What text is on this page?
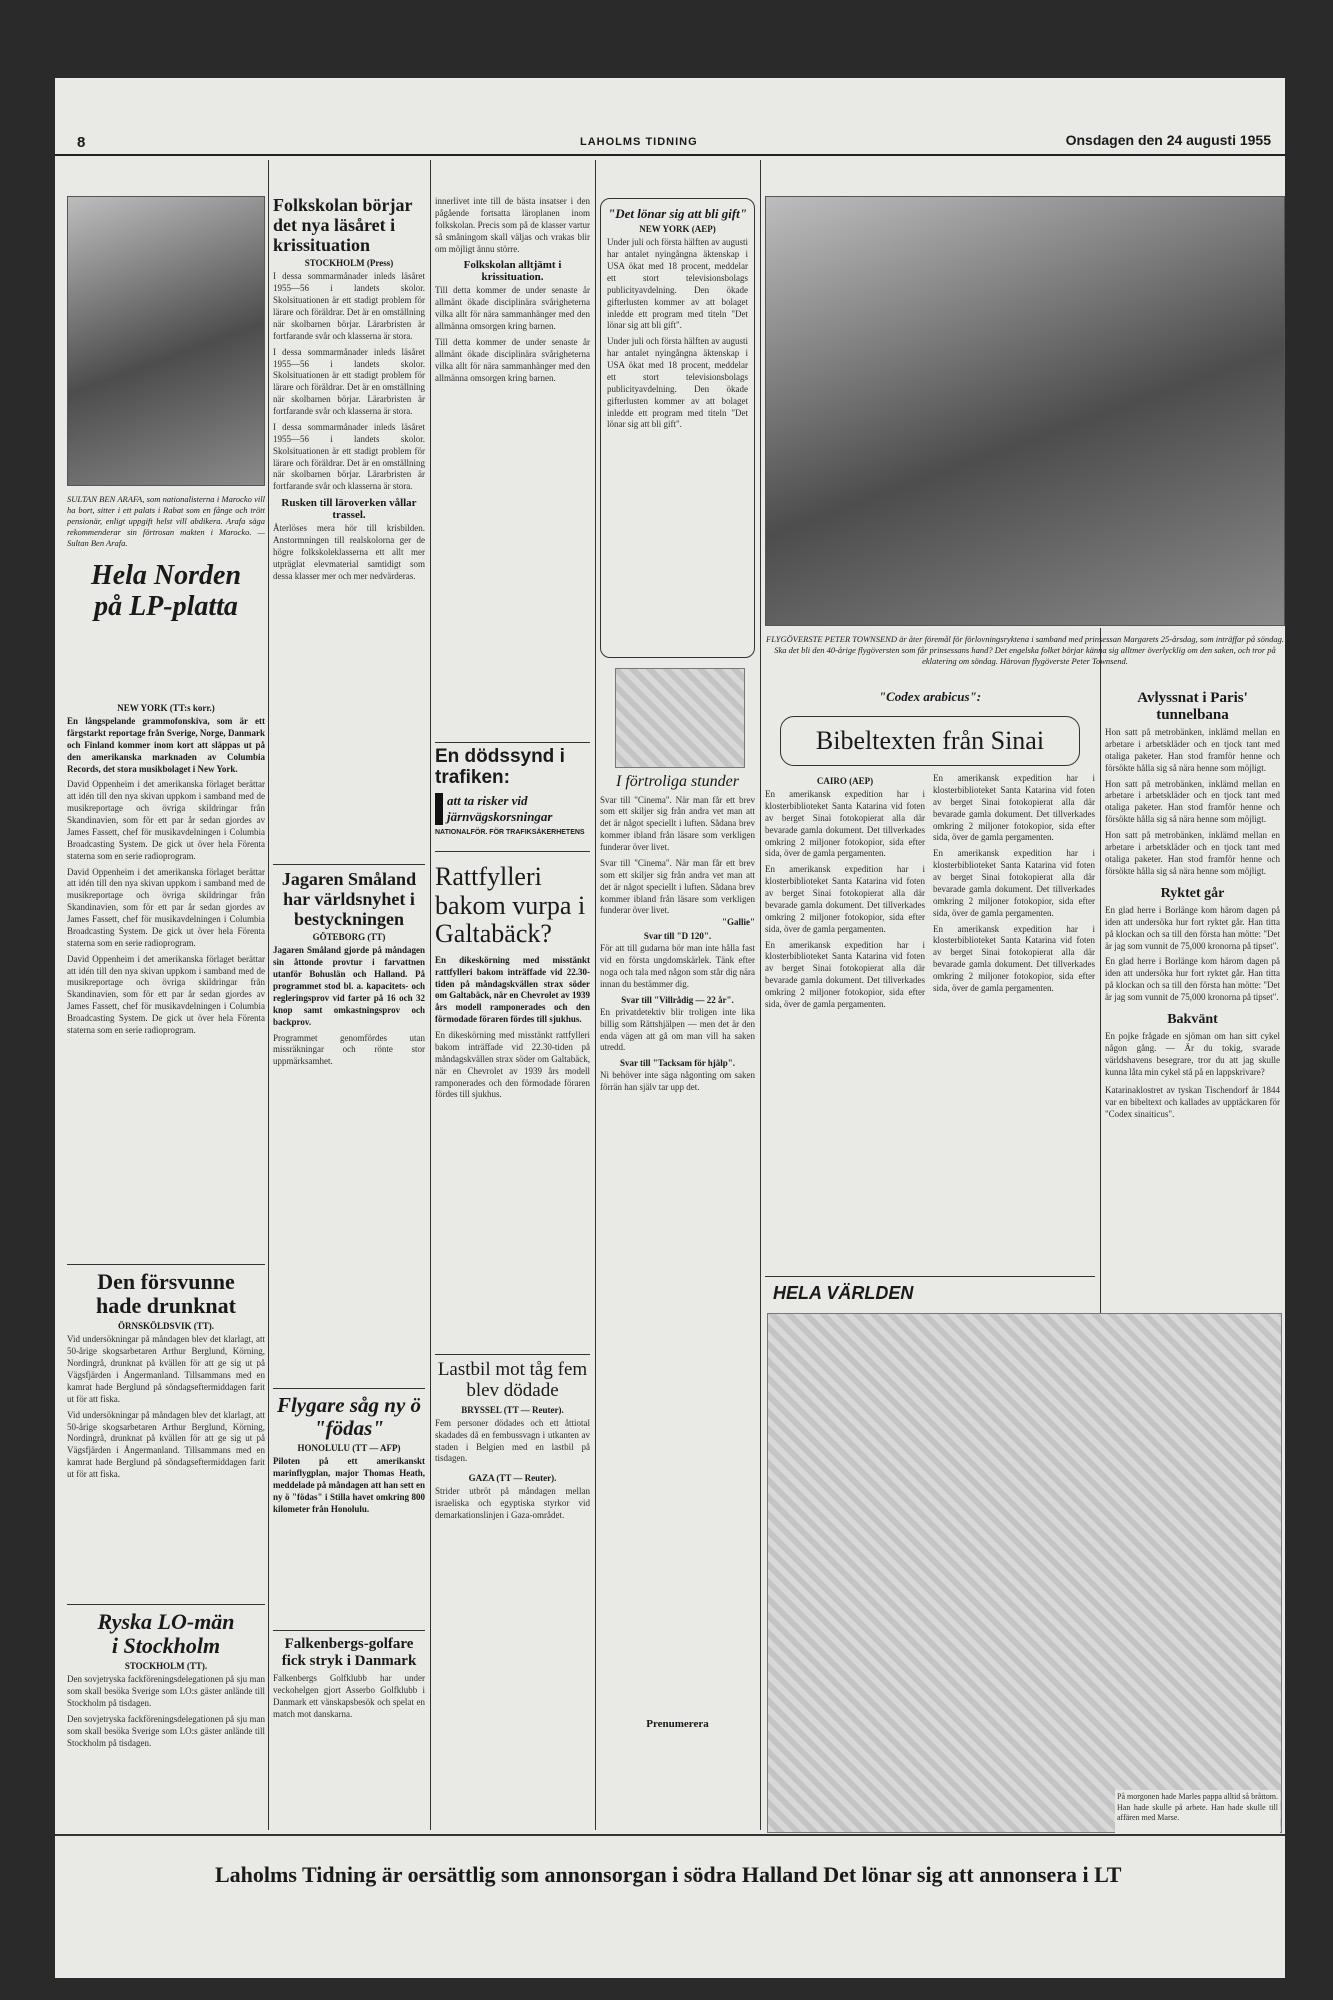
8	LAHOLMS TIDNING	Onsdagen den 24 augusti 1955
SULTAN BEN ARAFA, som nationalisterna i Marocko vill ha bort, sitter i ett palats i Rabat som en fånge och trött pensionär, enligt uppgift helst vill abdikera. Arafa säga rekommenderar sin förtrosan makten i Marocko. — Sultan Ben Arafa.
Hela Norden
på LP-platta
NEW YORK (TT:s korr.)

En långspelande grammofonskiva, som är ett färgstarkt reportage från Sverige, Norge, Danmark och Finland kommer inom kort att släppas ut på den amerikanska marknaden av Columbia Records, det stora musikbolaget i New York.

David Oppenheim i det amerikanska förlaget berättar att idén till den nya skivan uppkom i samband med de musikreportage och övriga skildringar från Skandinavien, som för ett par år sedan gjordes av James Fassett, chef för musikavdelningen i Columbia Broadcasting System. De gick ut över hela Förenta staterna som en serie radioprogram.

David Oppenheim i det amerikanska förlaget berättar att idén till den nya skivan uppkom i samband med de musikreportage och övriga skildringar från Skandinavien, som för ett par år sedan gjordes av James Fassett, chef för musikavdelningen i Columbia Broadcasting System. De gick ut över hela Förenta staterna som en serie radioprogram.

David Oppenheim i det amerikanska förlaget berättar att idén till den nya skivan uppkom i samband med de musikreportage och övriga skildringar från Skandinavien, som för ett par år sedan gjordes av James Fassett, chef för musikavdelningen i Columbia Broadcasting System. De gick ut över hela Förenta staterna som en serie radioprogram.

Den försvunne
hade drunknat
ÖRNSKÖLDSVIK (TT).

Vid undersökningar på måndagen blev det klarlagt, att 50-årige skogsarbetaren Arthur Berglund, Körning, Nordingrå, drunknat på kvällen för att ge sig ut på Vägsfjärden i Ångermanland. Tillsammans med en kamrat hade Berglund på söndagseftermiddagen farit ut för att fiska.

Vid undersökningar på måndagen blev det klarlagt, att 50-årige skogsarbetaren Arthur Berglund, Körning, Nordingrå, drunknat på kvällen för att ge sig ut på Vägsfjärden i Ångermanland. Tillsammans med en kamrat hade Berglund på söndagseftermiddagen farit ut för att fiska.

Ryska LO-män
i Stockholm
STOCKHOLM (TT).

Den sovjetryska fackföreningsdelegationen på sju man som skall besöka Sverige som LO:s gäster anlände till Stockholm på tisdagen.

Den sovjetryska fackföreningsdelegationen på sju man som skall besöka Sverige som LO:s gäster anlände till Stockholm på tisdagen.

Folkskolan börjar det nya läsåret i krissituation
STOCKHOLM (Press)

I dessa sommarmånader inleds läsåret 1955—56 i landets skolor. Skolsituationen är ett stadigt problem för lärare och föräldrar. Det är en omställning när skolbarnen börjar. Lärarbristen är fortfarande svår och klasserna är stora.

I dessa sommarmånader inleds läsåret 1955—56 i landets skolor. Skolsituationen är ett stadigt problem för lärare och föräldrar. Det är en omställning när skolbarnen börjar. Lärarbristen är fortfarande svår och klasserna är stora.

I dessa sommarmånader inleds läsåret 1955—56 i landets skolor. Skolsituationen är ett stadigt problem för lärare och föräldrar. Det är en omställning när skolbarnen börjar. Lärarbristen är fortfarande svår och klasserna är stora.

Rusken till läroverken vållar trassel.

Återlöses mera hör till krisbilden. Anstormningen till realskolorna ger de högre folkskoleklasserna ett allt mer utpräglat elevmaterial samtidigt som dessa klasser mer och mer nedvärderas.

Jagaren Småland har världsnyhet i bestyckningen
GÖTEBORG (TT)

Jagaren Småland gjorde på måndagen sin åttonde provtur i farvattnen utanför Bohuslän och Halland. På programmet stod bl. a. kapacitets- och regleringsprov vid farter på 16 och 32 knop samt omkastningsprov och backprov.

Programmet genomfördes utan missräkningar och rönte stor uppmärksamhet.

Flygare såg ny ö "födas"
HONOLULU (TT — AFP)

Piloten på ett amerikanskt marinflygplan, major Thomas Heath, meddelade på måndagen att han sett en ny ö "födas" i Stilla havet omkring 800 kilometer från Honolulu.

Falkenbergs-golfare fick stryk i Danmark

Falkenbergs Golfklubb har under veckohelgen gjort Asserbo Golfklubb i Danmark ett vänskapsbesök och spelat en match mot danskarna.

innerlivet inte till de bästa insatser i den pågående fortsatta läroplanen inom folkskolan. Precis som på de klasser vartur så småningom skall väljas och vrakas blir om möjligt ännu större.

Folkskolan alltjämt i krissituation.

Till detta kommer de under senaste år allmänt ökade disciplinära svårigheterna vilka allt för nära sammanhänger med den allmänna omsorgen kring barnen.

Till detta kommer de under senaste år allmänt ökade disciplinära svårigheterna vilka allt för nära sammanhänger med den allmänna omsorgen kring barnen.

En dödssynd i trafiken:
att ta risker vid järnvägskorsningar
NATIONALFÖR. FÖR TRAFIKSÄKERHETENS
Rattfylleri bakom vurpa i Galtabäck?

En dikeskörning med misstänkt rattfylleri bakom inträffade vid 22.30-tiden på måndagskvällen strax söder om Galtabäck, när en Chevrolet av 1939 års modell ramponerades och den förmodade föraren fördes till sjukhus.

En dikeskörning med misstänkt rattfylleri bakom inträffade vid 22.30-tiden på måndagskvällen strax söder om Galtabäck, när en Chevrolet av 1939 års modell ramponerades och den förmodade föraren fördes till sjukhus.

Lastbil mot tåg fem blev dödade
BRYSSEL (TT — Reuter).

Fem personer dödades och ett åttiotal skadades då en fembussvagn i utkanten av staden i Belgien med en lastbil på tisdagen.

GAZA (TT — Reuter).

Strider utbröt på måndagen mellan israeliska och egyptiska styrkor vid demarkationslinjen i Gaza-området.

"Det lönar sig att bli gift"
NEW YORK (AEP)

Under juli och första hälften av augusti har antalet nyingångna äktenskap i USA ökat med 18 procent, meddelar ett stort televisionsbolags publicityavdelning. Den ökade gifterlusten kommer av att bolaget inledde ett program med titeln "Det lönar sig att bli gift".

Under juli och första hälften av augusti har antalet nyingångna äktenskap i USA ökat med 18 procent, meddelar ett stort televisionsbolags publicityavdelning. Den ökade gifterlusten kommer av att bolaget inledde ett program med titeln "Det lönar sig att bli gift".

I förtroliga stunder

Svar till "Cinema". När man får ett brev som ett skiljer sig från andra vet man att det är något speciellt i luften. Sådana brev kommer ibland från läsare som verkligen funderar över livet.

Svar till "Cinema". När man får ett brev som ett skiljer sig från andra vet man att det är något speciellt i luften. Sådana brev kommer ibland från läsare som verkligen funderar över livet.

"Gallie"
Svar till "D 120".

För att till gudarna bör man inte hålla fast vid en första ungdomskärlek. Tänk efter noga och tala med någon som står dig nära innan du bestämmer dig.

Svar till "Villrådig — 22 år".

En privatdetektiv blir troligen inte lika billig som Rättshjälpen — men det är den enda vägen att gå om man vill ha saken utredd.

Svar till "Tacksam för hjälp".

Ni behöver inte säga någonting om saken förrän han själv tar upp det.

Prenumerera

FLYGÖVERSTE PETER TOWNSEND är åter föremål för förlovningsryktena i samband med prinsessan Margarets 25-årsdag, som inträffar på söndag. Ska det bli den 40-årige flygöversten som får prinsessans hand? Det engelska folket börjar känna sig alltmer överlycklig om den saken, och tror på eklatering om söndag. Härovan flygöverste Peter Townsend.

"Codex arabicus":
Bibeltexten från Sinai
CAIRO (AEP)

En amerikansk expedition har i klosterbiblioteket Santa Katarina vid foten av berget Sinai fotokopierat alla där bevarade gamla dokument. Det tillverkades omkring 2 miljoner fotokopior, sida efter sida, över de gamla pergamenten.

En amerikansk expedition har i klosterbiblioteket Santa Katarina vid foten av berget Sinai fotokopierat alla där bevarade gamla dokument. Det tillverkades omkring 2 miljoner fotokopior, sida efter sida, över de gamla pergamenten.

En amerikansk expedition har i klosterbiblioteket Santa Katarina vid foten av berget Sinai fotokopierat alla där bevarade gamla dokument. Det tillverkades omkring 2 miljoner fotokopior, sida efter sida, över de gamla pergamenten.

En amerikansk expedition har i klosterbiblioteket Santa Katarina vid foten av berget Sinai fotokopierat alla där bevarade gamla dokument. Det tillverkades omkring 2 miljoner fotokopior, sida efter sida, över de gamla pergamenten.

En amerikansk expedition har i klosterbiblioteket Santa Katarina vid foten av berget Sinai fotokopierat alla där bevarade gamla dokument. Det tillverkades omkring 2 miljoner fotokopior, sida efter sida, över de gamla pergamenten.

En amerikansk expedition har i klosterbiblioteket Santa Katarina vid foten av berget Sinai fotokopierat alla där bevarade gamla dokument. Det tillverkades omkring 2 miljoner fotokopior, sida efter sida, över de gamla pergamenten.

HELA VÄRLDEN

På morgonen hade Marles pappa alltid så bråttom. Han hade skulle på arbete. Han hade skulle till affären med Marse.

Avlyssnat i Paris' tunnelbana

Hon satt på metrobänken, inklämd mellan en arbetare i arbetskläder och en tjock tant med otaliga paketer. Han stod framför henne och försökte hålla sig så nära henne som möjligt.

Hon satt på metrobänken, inklämd mellan en arbetare i arbetskläder och en tjock tant med otaliga paketer. Han stod framför henne och försökte hålla sig så nära henne som möjligt.

Hon satt på metrobänken, inklämd mellan en arbetare i arbetskläder och en tjock tant med otaliga paketer. Han stod framför henne och försökte hålla sig så nära henne som möjligt.

Ryktet går

En glad herre i Borlänge kom härom dagen på iden att undersöka hur fort ryktet går. Han titta på klockan och sa till den första han mötte: "Det är jag som vunnit de 75,000 kronorna på tipset".

En glad herre i Borlänge kom härom dagen på iden att undersöka hur fort ryktet går. Han titta på klockan och sa till den första han mötte: "Det är jag som vunnit de 75,000 kronorna på tipset".

Bakvänt

En pojke frågade en sjöman om han sitt cykel någon gång. — Är du tokig, svarade världshavens besegrare, tror du att jag skulle kunna låta min cykel stå på en lappskrivare?

Katarinaklostret av tyskan Tischendorf år 1844 var en bibeltext och kallades av upptäckaren för "Codex sinaiticus".

Laholms Tidning är oersättlig som annonsorgan i södra Halland Det lönar sig att annonsera i LT
